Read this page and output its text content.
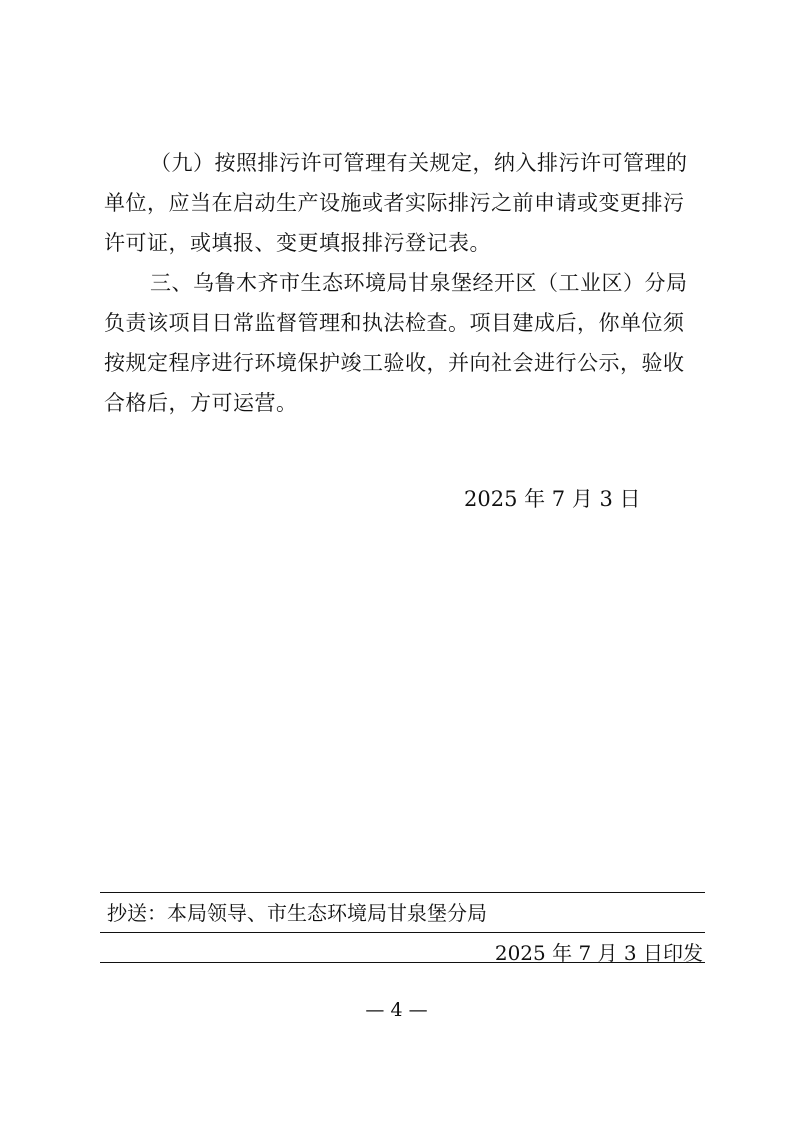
（九）按照排污许可管理有关规定，纳入排污许可管理的
单位，应当在启动生产设施或者实际排污之前申请或变更排污
许可证，或填报、变更填报排污登记表。

三、乌鲁木齐市生态环境局甘泉堡经开区（工业区）分局
负责该项目日常监督管理和执法检查。项目建成后，你单位须
按规定程序进行环境保护竣工验收，并向社会进行公示，验收
合格后，方可运营。

2025 年 7 月 3 日
抄送：本局领导、市生态环境局甘泉堡分局
2025 年 7 月 3 日印发
— 4 —
